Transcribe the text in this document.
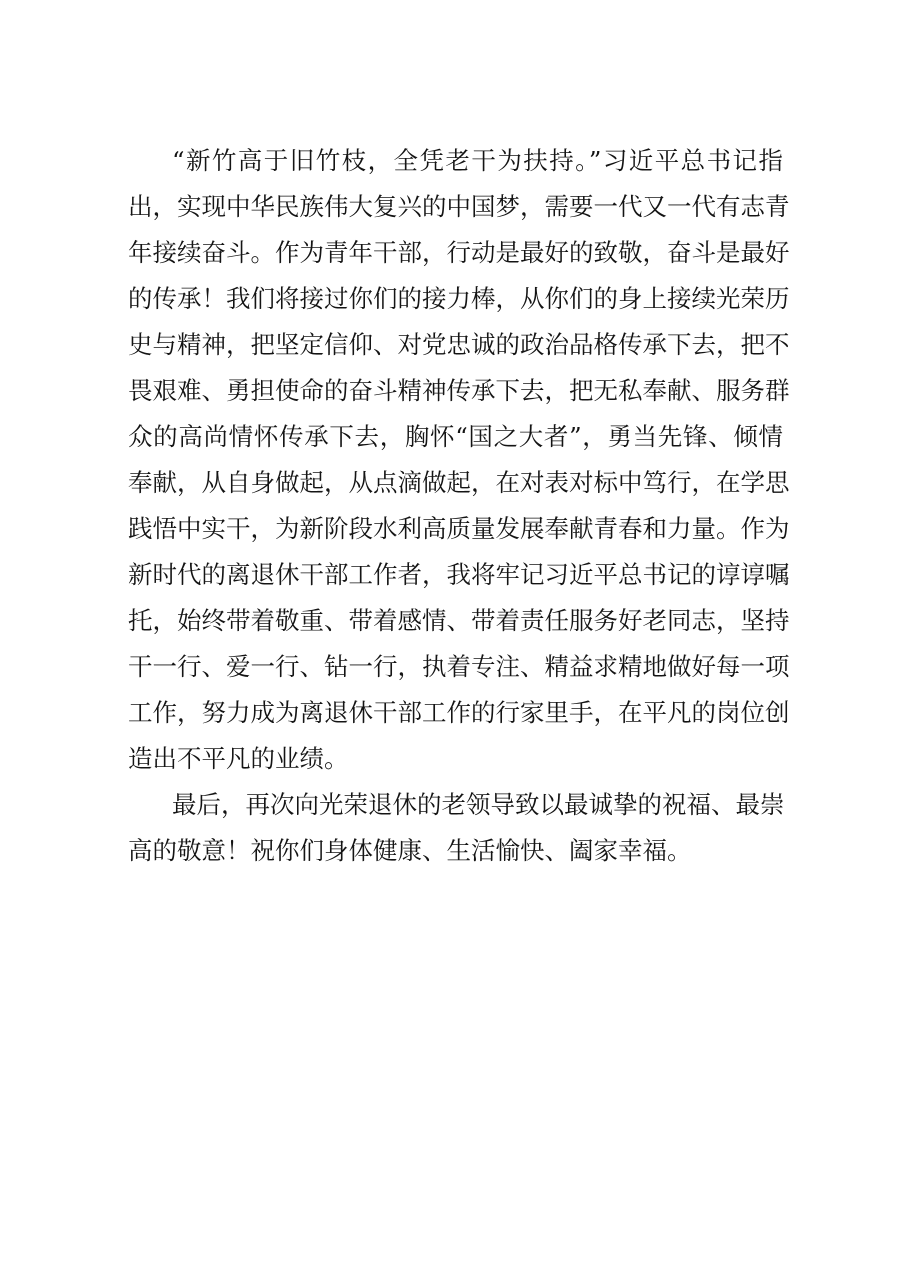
“新竹高于旧竹枝，全凭老干为扶持。”习近平总书记指
出，实现中华民族伟大复兴的中国梦，需要一代又一代有志青
年接续奋斗。作为青年干部，行动是最好的致敬，奋斗是最好
的传承！我们将接过你们的接力棒，从你们的身上接续光荣历
史与精神，把坚定信仰、对党忠诚的政治品格传承下去，把不
畏艰难、勇担使命的奋斗精神传承下去，把无私奉献、服务群
众的高尚情怀传承下去，胸怀“国之大者”，勇当先锋、倾情
奉献，从自身做起，从点滴做起，在对表对标中笃行，在学思
践悟中实干，为新阶段水利高质量发展奉献青春和力量。作为
新时代的离退休干部工作者，我将牢记习近平总书记的谆谆嘱
托，始终带着敬重、带着感情、带着责任服务好老同志，坚持
干一行、爱一行、钻一行，执着专注、精益求精地做好每一项
工作，努力成为离退休干部工作的行家里手，在平凡的岗位创
造出不平凡的业绩。
最后，再次向光荣退休的老领导致以最诚挚的祝福、最崇
高的敬意！祝你们身体健康、生活愉快、阖家幸福。
